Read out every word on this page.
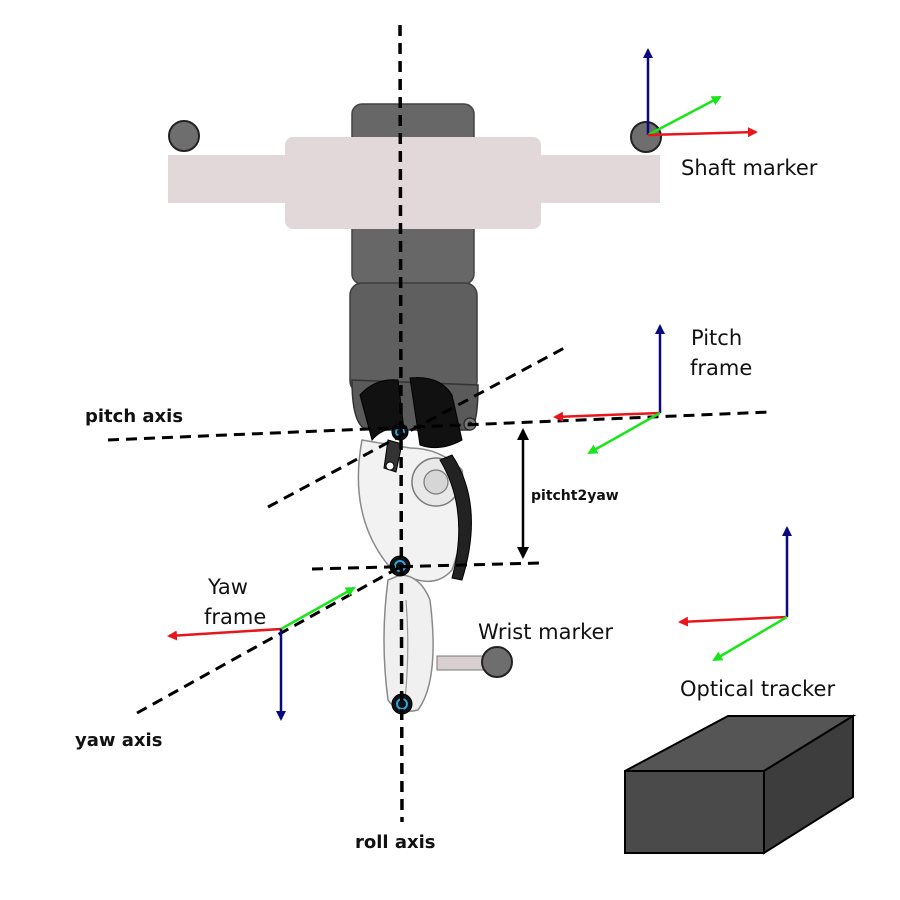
Shaft marker
Pitch
frame
pitch axis
pitcht2yaw
Yaw
frame
Wrist marker
Optical tracker
yaw axis
roll axis
